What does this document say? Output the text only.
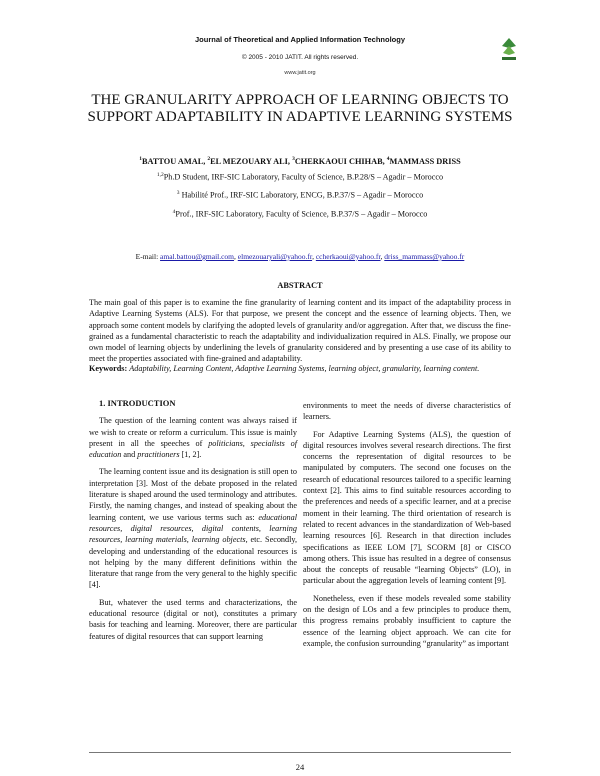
Journal of Theoretical and Applied Information Technology
© 2005 - 2010 JATIT. All rights reserved.
www.jatit.org
THE GRANULARITY APPROACH OF LEARNING OBJECTS TO SUPPORT ADAPTABILITY IN ADAPTIVE LEARNING SYSTEMS
$^1$BATTOU AMAL, $^2$EL MEZOUARY ALI, $^3$CHERKAOUI CHIHAB, $^4$MAMMASS DRISS
$^{1,2}$Ph.D Student, IRF-SIC Laboratory, Faculty of Science, B.P.28/S – Agadir – Morocco
$^3$ Habilité Prof., IRF-SIC Laboratory, ENCG, B.P.37/S – Agadir – Morocco
$^4$Prof., IRF-SIC Laboratory, Faculty of Science, B.P.37/S – Agadir – Morocco
E-mail: amal.battou@gmail.com, elmezouaryali@yahoo.fr, ccherkaoui@yahoo.fr, driss_mammass@yahoo.fr
ABSTRACT

The main goal of this paper is to examine the fine granularity of learning content and its impact of the adaptability process in Adaptive Learning Systems (ALS). For that purpose, we present the concept and the essence of learning objects. Then, we approach some content models by clarifying the adopted levels of granularity and/or aggregation. After that, we discuss the fine-grained as a fundamental characteristic to reach the adaptability and individualization required in ALS. Finally, we propose our own model of learning objects by underlining the levels of granularity considered and by presenting a use case of its ability to meet the properties associated with fine-grained and adaptability.

Keywords: Adaptability, Learning Content, Adaptive Learning Systems, learning object, granularity, learning content.

1. INTRODUCTION

The question of the learning content was always raised if we wish to create or reform a curriculum. This issue is mainly present in all the speeches of politicians, specialists of education and practitioners [1, 2].

The learning content issue and its designation is still open to interpretation [3]. Most of the debate proposed in the related literature is shaped around the used terminology and attributes. Firstly, the naming changes, and instead of speaking about the learning content, we use various terms such as: educational resources, digital resources, digital contents, learning resources, learning materials, learning objects, etc. Secondly, developing and understanding of the educational resources is not helping by the many different definitions within the literature that range from the very general to the highly specific [4].

But, whatever the used terms and characterizations, the educational resource (digital or not), constitutes a primary basis for teaching and learning. Moreover, there are particular features of digital resources that can support learning

environments to meet the needs of diverse characteristics of learners.

For Adaptive Learning Systems (ALS), the question of digital resources involves several research directions. The first concerns the representation of digital resources to be manipulated by computers. The second one focuses on the research of educational resources tailored to a specific learning context [2]. This aims to find suitable resources according to the preferences and needs of a specific learner, and at a precise moment in their learning. The third orientation of research is related to recent advances in the standardization of Web-based learning resources [6]. Research in that direction includes specifications as IEEE LOM [7], SCORM [8] or CISCO among others. This issue has resulted in a degree of consensus about the concepts of reusable “learning Objects” (LO), in particular about the aggregation levels of learning content [9].

Nonetheless, even if these models revealed some stability on the design of LOs and a few principles to produce them, this progress remains probably insufficient to capture the essence of the learning object approach. We can cite for example, the confusion surrounding “granularity” as important

24
